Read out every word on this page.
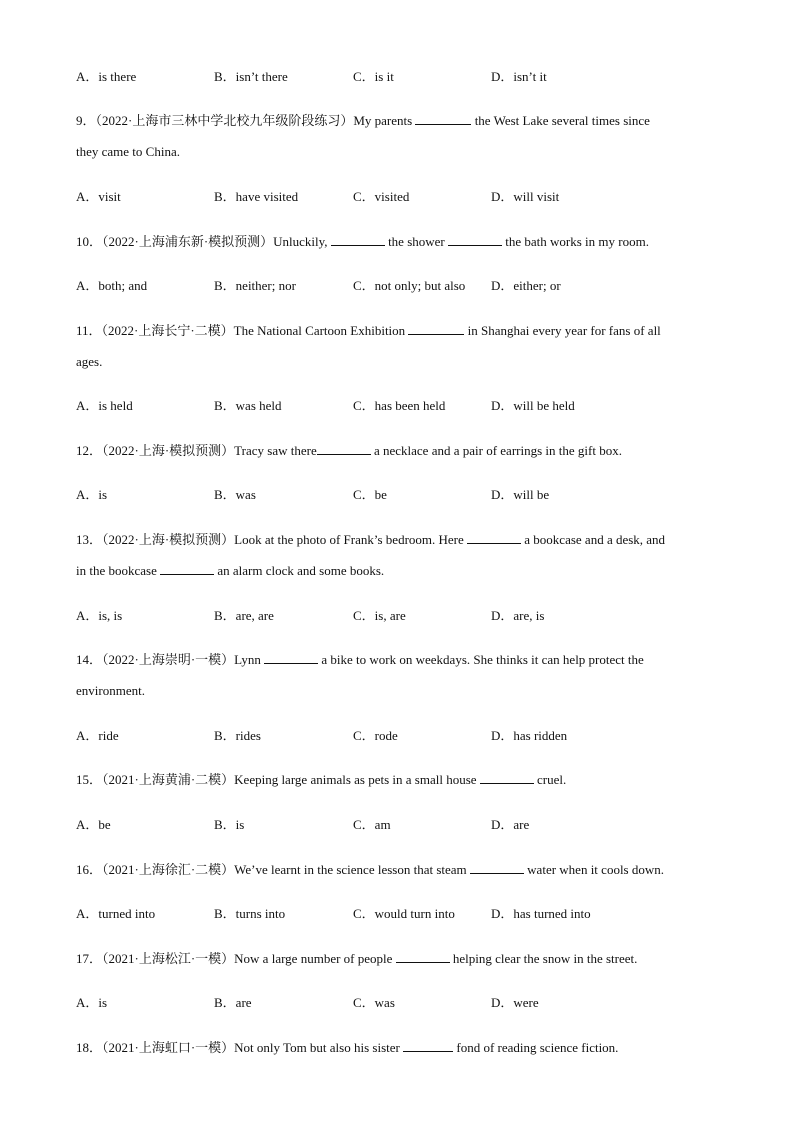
A．is there	B．isn’t there	C．is it	D．isn’t it
9．（2022·上海市三林中学北校九年级阶段练习）My parents	the West Lake several times since
they came to China.
A．visit	B．have visited	C．visited	D．will visit
10．（2022·上海浦东新·模拟预测）Unluckily,	the shower	the bath works in my room.
A．both; and	B．neither; nor	C．not only; but also D．either; or
11．（2022·上海长宁·二模）The National Cartoon Exhibition	in Shanghai every year for fans of all
ages.
A．is held	B．was held	C．has been held	D．will be held
12．（2022·上海·模拟预测）Tracy saw there	a necklace and a pair of earrings in the gift box.
A．is	B．was	C．be	D．will be
13．（2022·上海·模拟预测）Look at the photo of Frank’s bedroom. Here	a bookcase and a desk, and
in the bookcase	an alarm clock and some books.
A．is, is	B．are, are	C．is, are	D．are, is
14．（2022·上海崇明·一模）Lynn	a bike to work on weekdays. She thinks it can help protect the
environment.
A．ride	B．rides	C．rode	D．has ridden
15．（2021·上海黄浦·二模）Keeping large animals as pets in a small house	cruel.
A．be	B．is	C．am	D．are
16．（2021·上海徐汇·二模）We’ve learnt in the science lesson that steam	water when it cools down.
A．turned into	B．turns into	C．would turn into	D．has turned into
17．（2021·上海松江·一模）Now a large number of people	helping clear the snow in the street.
A．is	B．are	C．was	D．were
18．（2021·上海虹口·一模）Not only Tom but also his sister	fond of reading science fiction.
